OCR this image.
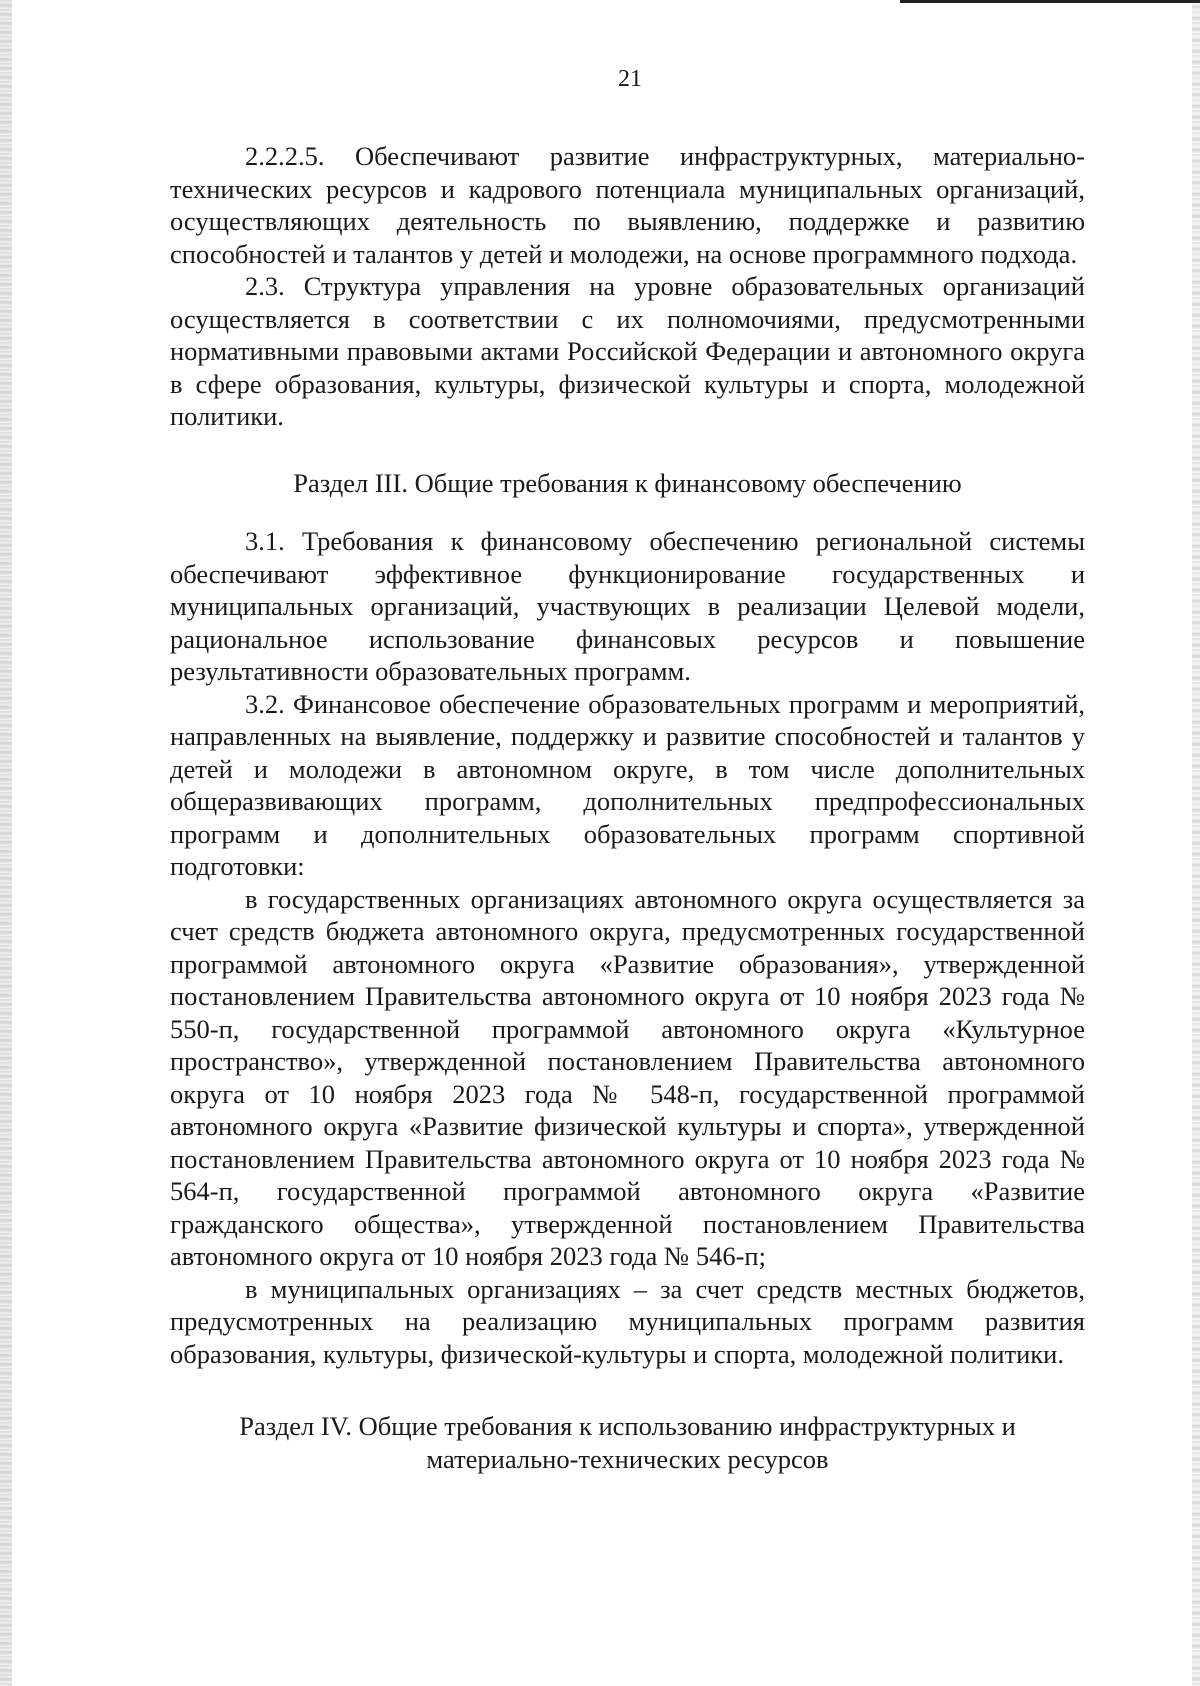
21

2.2.2.5. Обеспечивают развитие инфраструктурных, материально-технических ресурсов и кадрового потенциала муниципальных организаций, осуществляющих деятельность по выявлению, поддержке и развитию способностей и талантов у детей и молодежи, на основе программного подхода.

2.3. Структура управления на уровне образовательных организаций осуществляется в соответствии с их полномочиями, предусмотренными нормативными правовыми актами Российской Федерации и автономного округа в сфере образования, культуры, физической культуры и спорта, молодежной политики.

Раздел III. Общие требования к финансовому обеспечению

3.1. Требования к финансовому обеспечению региональной системы обеспечивают эффективное функционирование государственных и муниципальных организаций, участвующих в реализации Целевой модели, рациональное использование финансовых ресурсов и повышение результативности образовательных программ.

3.2. Финансовое обеспечение образовательных программ и мероприятий, направленных на выявление, поддержку и развитие способностей и талантов у детей и молодежи в автономном округе, в том числе дополнительных общеразвивающих программ, дополнительных предпрофессиональных программ и дополнительных образовательных программ спортивной подготовки:

в государственных организациях автономного округа осуществляется за счет средств бюджета автономного округа, предусмотренных государственной программой автономного округа «Развитие образования», утвержденной постановлением Правительства автономного округа от 10 ноября 2023 года № 550-п, государственной программой автономного округа «Культурное пространство», утвержденной постановлением Правительства автономного округа от 10 ноября 2023 года № 548-п, государственной программой автономного округа «Развитие физической культуры и спорта», утвержденной постановлением Правительства автономного округа от 10 ноября 2023 года № 564-п, государственной программой автономного округа «Развитие гражданского общества», утвержденной постановлением Правительства автономного округа от 10 ноября 2023 года № 546-п;

в муниципальных организациях – за счет средств местных бюджетов, предусмотренных на реализацию муниципальных программ развития образования, культуры, физической-культуры и спорта, молодежной политики.

Раздел IV. Общие требования к использованию инфраструктурных и
материально-технических ресурсов
